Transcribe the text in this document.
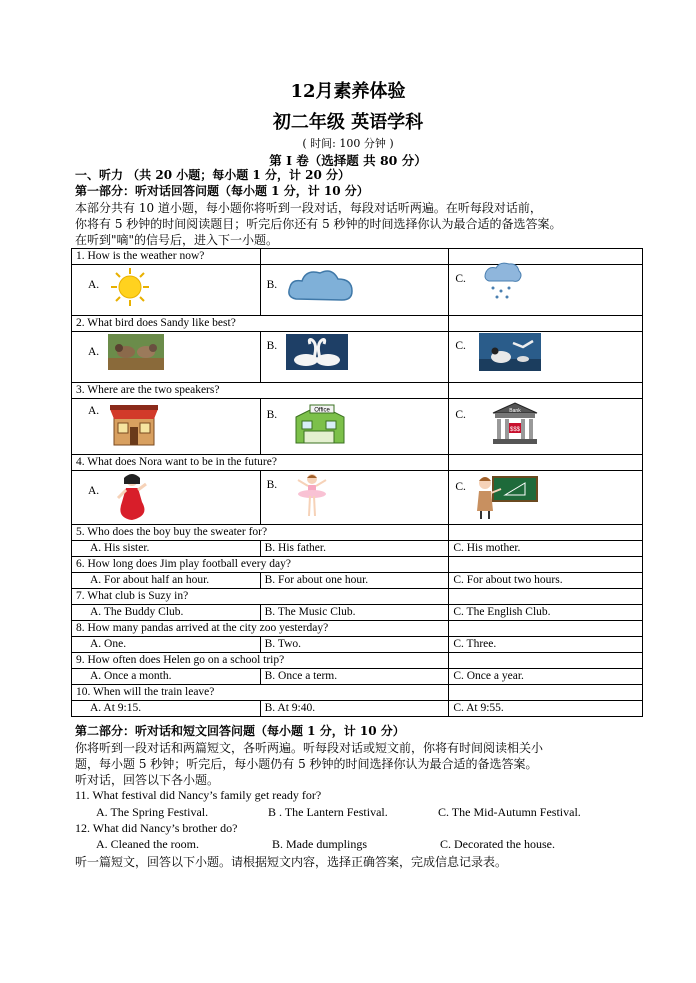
12月素养体验
初二年级 英语学科
( 时间: 100 分钟 )
第 I 卷（选择题 共 80 分）
一、听力 （共 20 小题；每小题 1 分，计 20 分）
第一部分：听对话回答问题（每小题 1 分，计 10 分）
本部分共有 10 道小题，每小题你将听到一段对话，每段对话听两遍。在听每段对话前，
你将有 5 秒钟的时间阅读题目；听完后你还有 5 秒钟的时间选择你认为最合适的备选答案。
在听到"嘀"的信号后，进入下一小题。
1. How is the weather now?		
A.	B.	C.
2. What bird does Sandy like best?		
A.	B.	C.
3. Where are the two speakers?		
A.	B. Office	C. Bank
$$$

4. What does Nora want to be in the future?		
A.	B.	C.
5. Who does the boy buy the sweater for?		
A. His sister.	B. His father.	C. His mother.
6. How long does Jim play football every day?		
A. For about half an hour.	B. For about one hour.	C. For about two hours.
7. What club is Suzy in?		
A. The Buddy Club.	B. The Music Club.	C. The English Club.
8. How many pandas arrived at the city zoo yesterday?		
A. One.	B. Two.	C. Three.
9. How often does Helen go on a school trip?		
A. Once a month.	B. Once a term.	C. Once a year.
10. When will the train leave?		
A. At 9:15.	B. At 9:40.	C. At 9:55.
第二部分：听对话和短文回答问题（每小题 1 分，计 10 分）
你将听到一段对话和两篇短文，各听两遍。听每段对话或短文前，你将有时间阅读相关小
题，每小题 5 秒钟；听完后，每小题仍有 5 秒钟的时间选择你认为最合适的备选答案。
听对话，回答以下各小题。
11. What festival did Nancy’s family get ready for?
A. The Spring Festival.	B . The Lantern Festival.	C. The Mid-Autumn Festival.
12. What did Nancy’s brother do?
A. Cleaned the room.	B. Made dumplings	C. Decorated the house.
听一篇短文，回答以下小题。请根据短文内容，选择正确答案，完成信息记录表。
